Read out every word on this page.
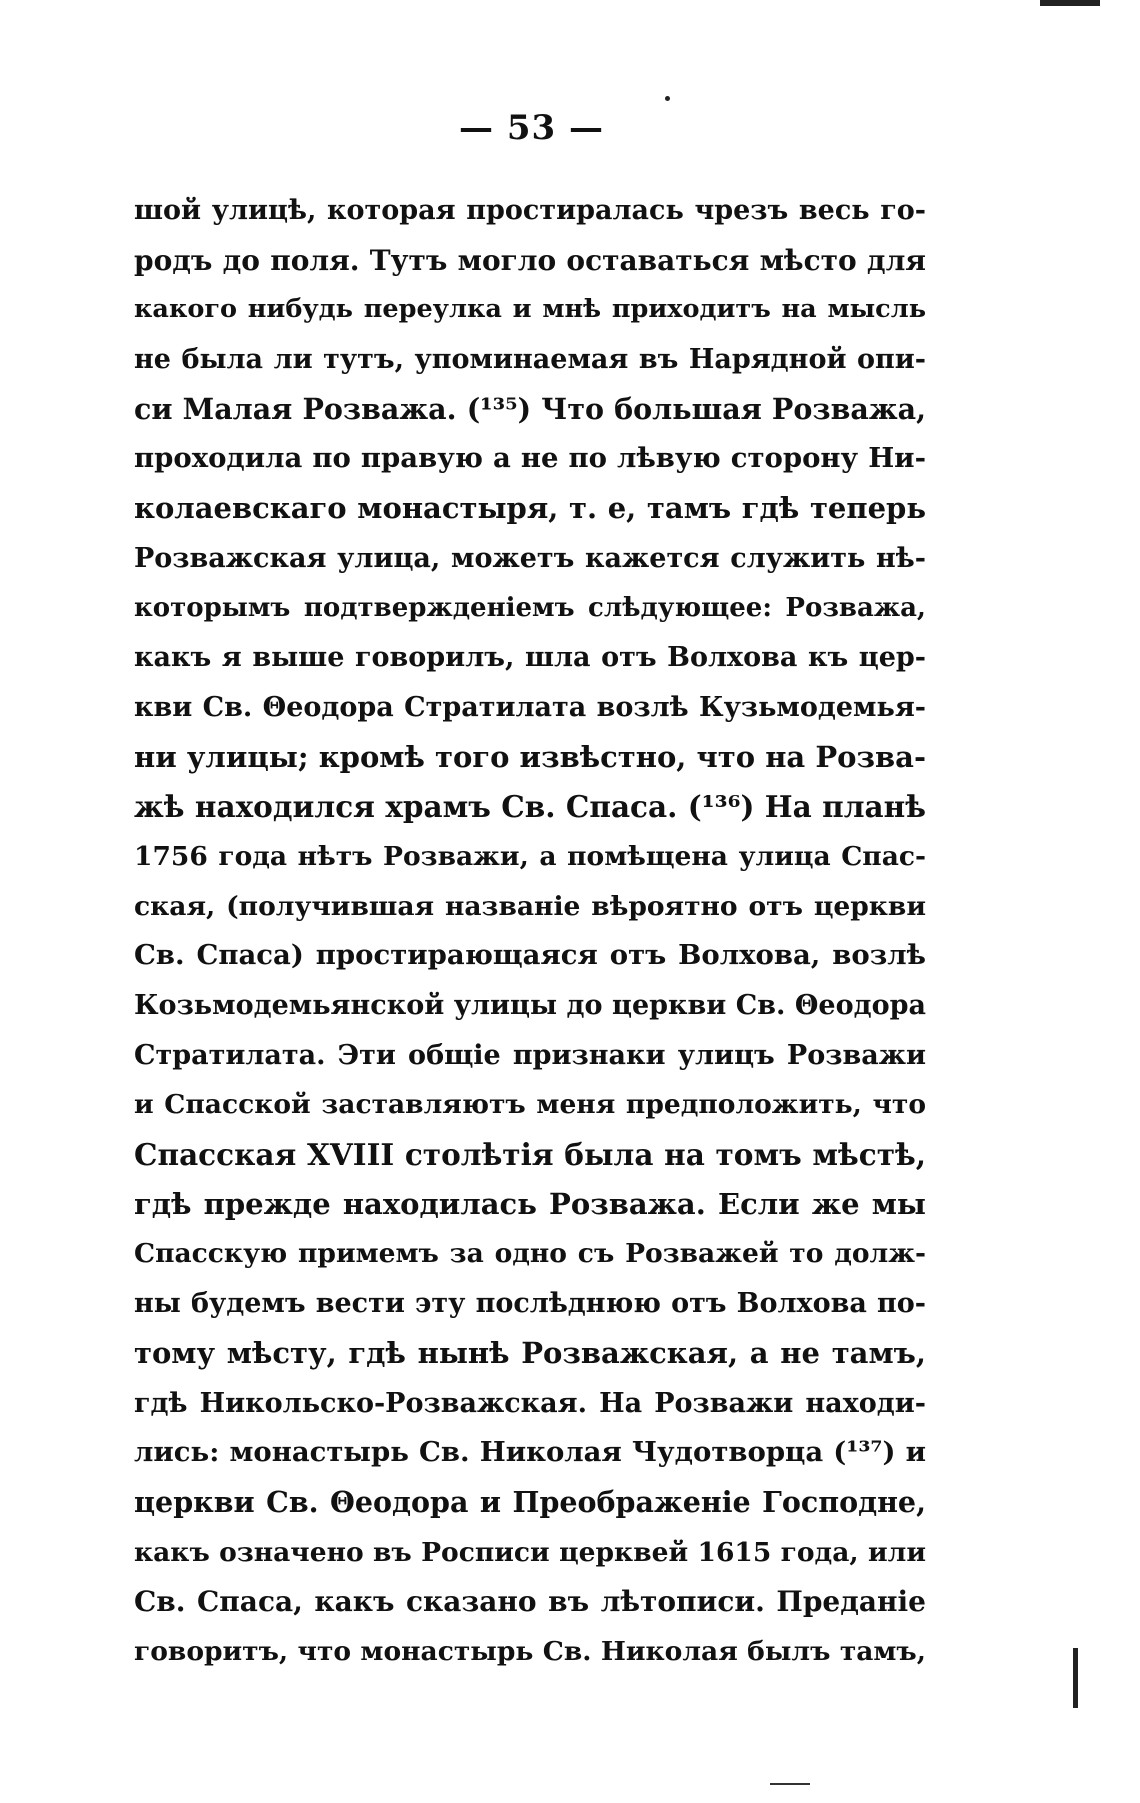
— 53 —
шой улицѣ, которая простиралась чрезъ весь го-
родъ до поля. Тутъ могло оставаться мѣсто для
какого нибудь переулка и мнѣ приходитъ на мысль
не была ли тутъ, упоминаемая въ Нарядной опи-
си Малая Розважа. (¹³⁵) Что большая Розважа,
проходила по правую а не по лѣвую сторону Ни-
колаевскаго монастыря, т. е, тамъ гдѣ теперь
Розважская улица, можетъ кажется служить нѣ-
которымъ подтвержденіемъ слѣдующее: Розважа,
какъ я выше говорилъ, шла отъ Волхова къ цер-
кви Св. Θеодора Стратилата возлѣ Кузьмодемья-
ни улицы; кромѣ того извѣстно, что на Розва-
жѣ находился храмъ Св. Спаса. (¹³⁶) На планѣ
1756 года нѣтъ Розважи, а помѣщена улица Спас-
ская, (получившая названіе вѣроятно отъ церкви
Св. Спаса) простирающаяся отъ Волхова, возлѣ
Козьмодемьянской улицы до церкви Св. Θеодора
Стратилата. Эти общіе признаки улицъ Розважи
и Спасской заставляютъ меня предположить, что
Спасская XVIII столѣтія была на томъ мѣстѣ,
гдѣ прежде находилась Розважа. Если же мы
Спасскую примемъ за одно съ Розважей то долж-
ны будемъ вести эту послѣднюю отъ Волхова по-
тому мѣсту, гдѣ нынѣ Розважская, а не тамъ,
гдѣ Никольско-Розважская. На Розважи находи-
лись: монастырь Св. Николая Чудотворца (¹³⁷) и
церкви Св. Θеодора и Преображеніе Господне,
какъ означено въ Росписи церквей 1615 года, или
Св. Спаса, какъ сказано въ лѣтописи. Преданіе
говоритъ, что монастырь Св. Николая былъ тамъ,
